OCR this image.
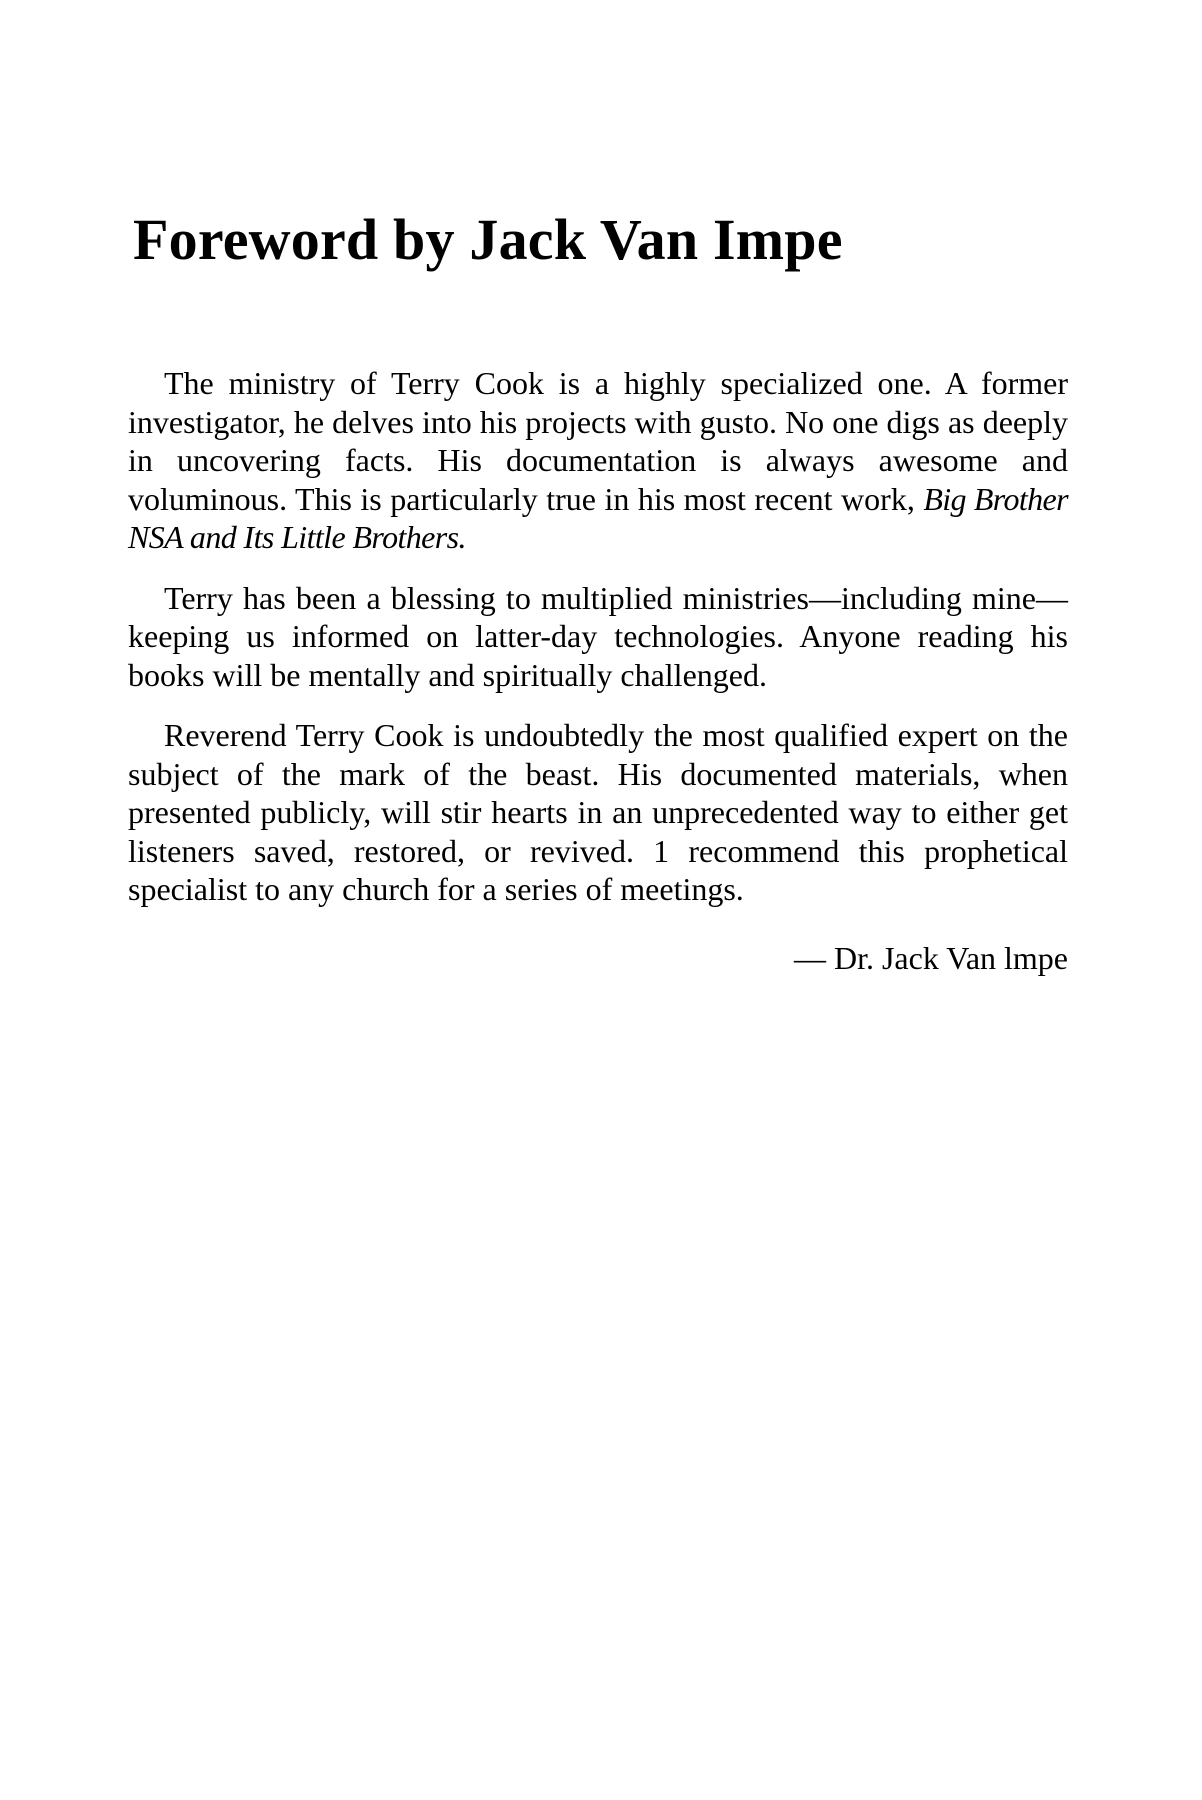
Foreword by Jack Van Impe

The ministry of Terry Cook is a highly specialized one. A former investigator, he delves into his projects with gusto. No one digs as deeply in uncovering facts. His documentation is always awesome and voluminous. This is particularly true in his most recent work, Big Brother NSA and Its Little Brothers.

Terry has been a blessing to multiplied ministries—including mine—keeping us informed on latter-day technologies. Anyone reading his books will be mentally and spiritually challenged.

Reverend Terry Cook is undoubtedly the most qualified expert on the subject of the mark of the beast. His documented materials, when presented publicly, will stir hearts in an unprecedented way to either get listeners saved, restored, or revived. 1 recommend this prophetical specialist to any church for a series of meetings.

— Dr. Jack Van lmpe
